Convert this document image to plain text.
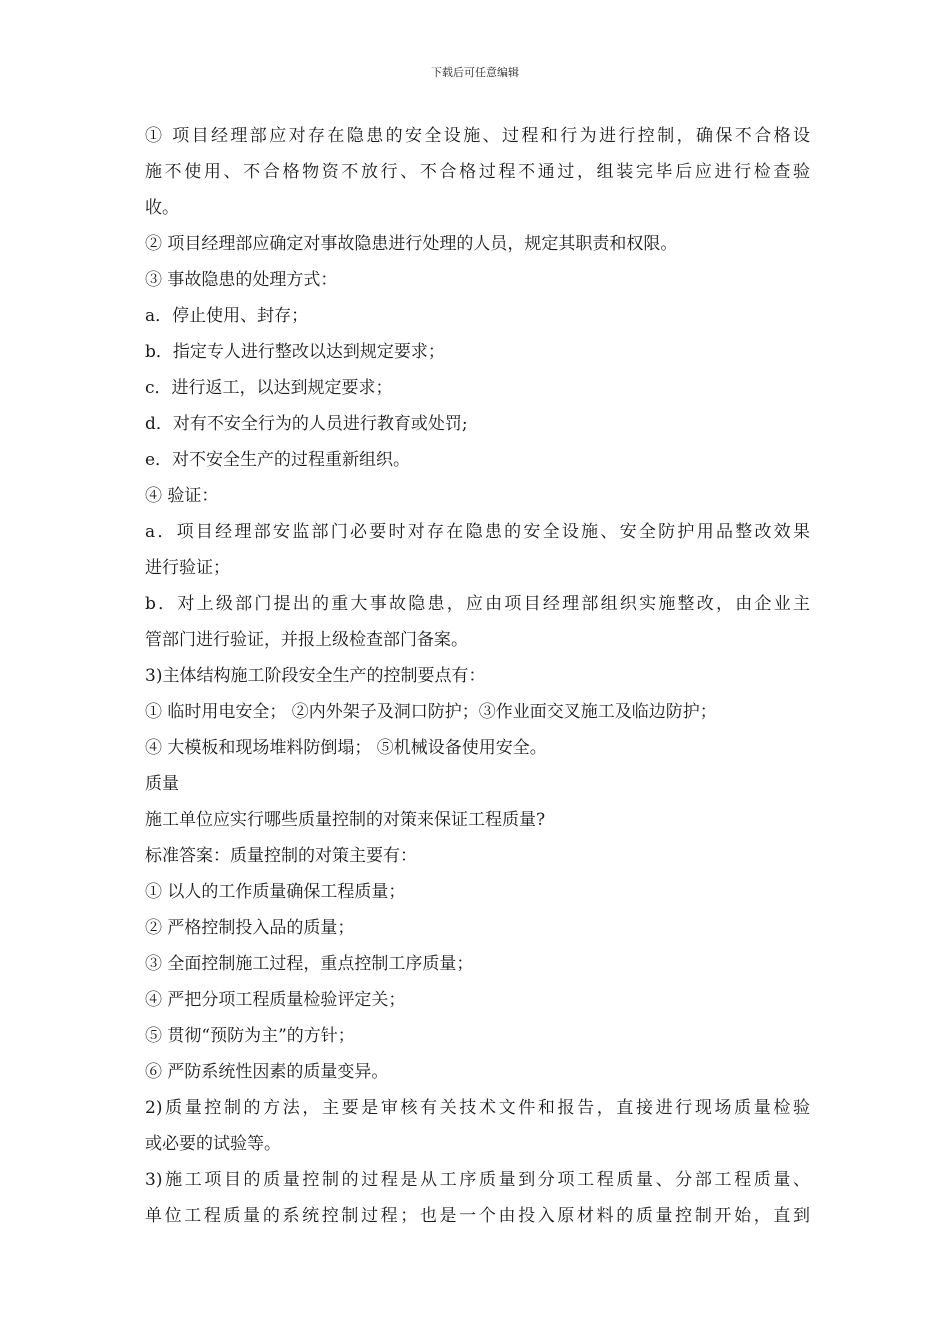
下载后可任意编辑
① 项目经理部应对存在隐患的安全设施、过程和行为进行控制，确保不合格设
施不使用、不合格物资不放行、不合格过程不通过，组装完毕后应进行检查验
收。
② 项目经理部应确定对事故隐患进行处理的人员，规定其职责和权限。
③ 事故隐患的处理方式：
a．停止使用、封存；
b．指定专人进行整改以达到规定要求；
c．进行返工，以达到规定要求；
d．对有不安全行为的人员进行教育或处罚;
e．对不安全生产的过程重新组织。
④ 验证：
a．项目经理部安监部门必要时对存在隐患的安全设施、安全防护用品整改效果
进行验证；
b．对上级部门提出的重大事故隐患，应由项目经理部组织实施整改，由企业主
管部门进行验证，并报上级检查部门备案。
3)主体结构施工阶段安全生产的控制要点有：
① 临时用电安全； ②内外架子及洞口防护；③作业面交叉施工及临边防护；
④ 大模板和现场堆料防倒塌； ⑤机械设备使用安全。
质量
施工单位应实行哪些质量控制的对策来保证工程质量?
标准答案：质量控制的对策主要有：
① 以人的工作质量确保工程质量；
② 严格控制投入品的质量；
③ 全面控制施工过程，重点控制工序质量；
④ 严把分项工程质量检验评定关；
⑤ 贯彻“预防为主”的方针；
⑥ 严防系统性因素的质量变异。
2)质量控制的方法，主要是审核有关技术文件和报告，直接进行现场质量检验
或必要的试验等。
3)施工项目的质量控制的过程是从工序质量到分项工程质量、分部工程质量、
单位工程质量的系统控制过程；也是一个由投入原材料的质量控制开始，直到
